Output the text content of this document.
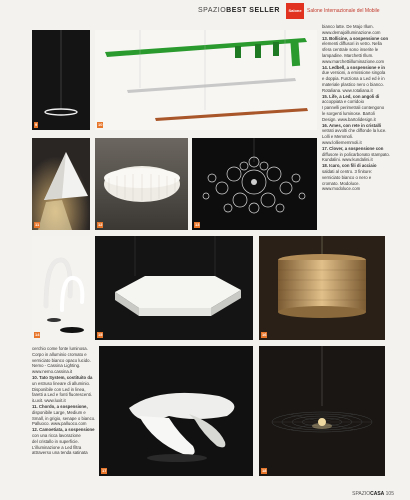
SPAZIOBEST SELLER	Salone	Salone Internazionale del Mobile
9	10
11	12	13

bianco latte. De Majo Illum.

www.demajoilluminazione.com

13. Bollicine, a sospensione con

elementi diffusori in vetro. Nella

sfera centrale sono inserite le

lampadine. Marchetti Illum.

www.marchettiilluminazione.com

14. Ledbell, a sospensione e in

due versioni, a emissione singola

e doppia. Funziona a Led ed è in

materiale plastico nero o bianco.

Rotaliana. www.rotaliana.it

15. Life, a Led, con angoli di

accoppiata e corridoio

I pannelli perimetrali contengono

le sorgenti luminose. Bartoli

Design. www.bartolidesign.it

16. Ames, con rete in cristalli

vetrati avvolti che diffonde la luce.

Lolli e Memmoli.

www.lolliememmoli.it

17. Clover, a sospensione con

diffusore in policarbonato stampato.

Kundalini. www.kundalini.it

18. Icaro, con fili di acciaio

saldati al centro. 3 finiture:

verniciato bianco o nero e

cromato. Modoluce.

www.modoluce.com

14	15	16

cerchio come fonte luminosa.

Corpo in alluminio cromato e

verniciato bianco opaco lucido.

Nemo - Cassina Lighting.

www.nemo.cassina.it

10. Tato System, costituito da

un estruso lineare di alluminio.

Disponibile con Led in linea,

faretti a Led e fonti fluorescenti.

iLuxit. www.luxit.it

11. Chordo, a sospensione,

disponibile Large, Medium e

Small, in grigio, senape o bianco.

Palluoco. www.palluoco.com

12. Camoetiata, a sospensione

con una ricca lavorazione

del cristallo in superficie.

L'illuminazione a Led filtra

attraverso una tenda satinata

17	18
SPAZIOCASA 105
